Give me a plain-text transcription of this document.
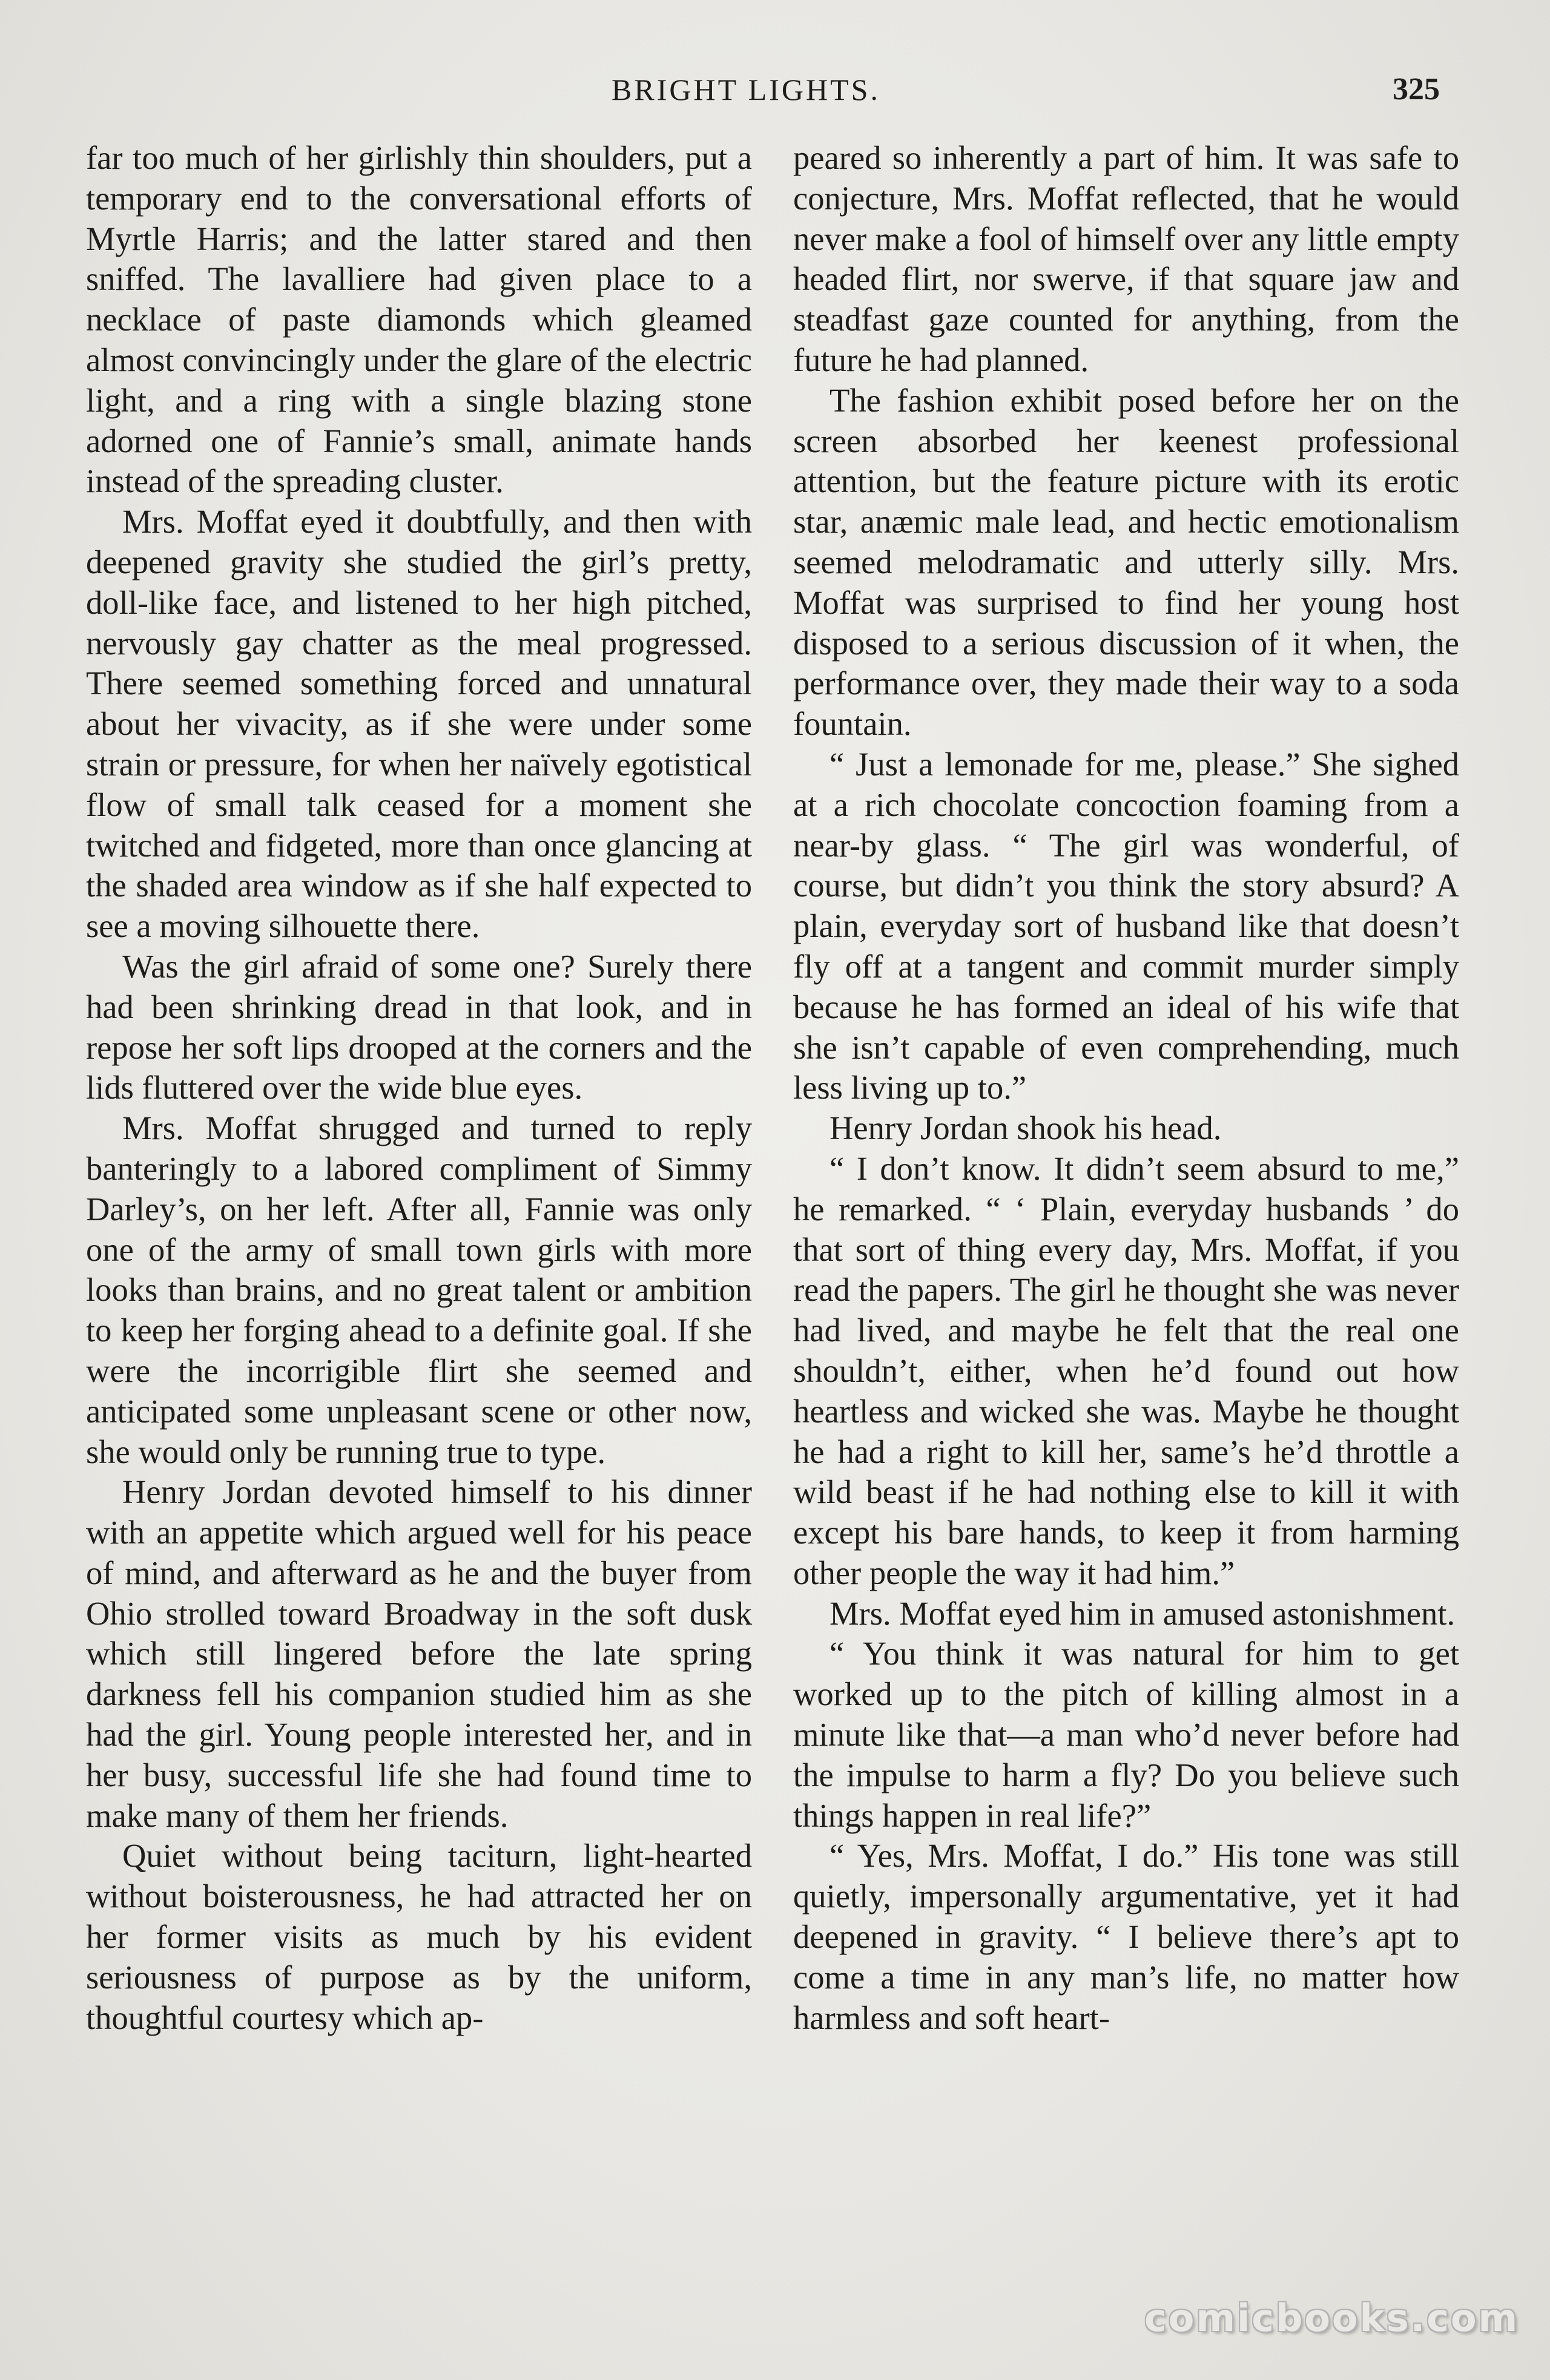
BRIGHT LIGHTS.	325

far too much of her girlishly thin shoulders, put a temporary end to the conversational efforts of Myrtle Harris; and the latter stared and then sniffed. The lavalliere had given place to a necklace of paste diamonds which gleamed almost convincingly under the glare of the electric light, and a ring with a single blazing stone adorned one of Fannie’s small, animate hands instead of the spreading cluster.

Mrs. Moffat eyed it doubtfully, and then with deepened gravity she studied the girl’s pretty, doll-like face, and listened to her high pitched, nervously gay chatter as the meal progressed. There seemed something forced and unnatural about her vivacity, as if she were under some strain or pressure, for when her naïvely egotistical flow of small talk ceased for a moment she twitched and fidgeted, more than once glancing at the shaded area window as if she half expected to see a moving silhouette there.

Was the girl afraid of some one? Surely there had been shrinking dread in that look, and in repose her soft lips drooped at the corners and the lids fluttered over the wide blue eyes.

Mrs. Moffat shrugged and turned to reply banteringly to a labored compliment of Simmy Darley’s, on her left. After all, Fannie was only one of the army of small town girls with more looks than brains, and no great talent or ambition to keep her forging ahead to a definite goal. If she were the incorrigible flirt she seemed and anticipated some unpleasant scene or other now, she would only be running true to type.

Henry Jordan devoted himself to his dinner with an appetite which argued well for his peace of mind, and afterward as he and the buyer from Ohio strolled toward Broadway in the soft dusk which still lingered before the late spring darkness fell his companion studied him as she had the girl. Young people interested her, and in her busy, successful life she had found time to make many of them her friends.

Quiet without being taciturn, light-hearted without boisterousness, he had attracted her on her former visits as much by his evident seriousness of purpose as by the uniform, thoughtful courtesy which ap-

peared so inherently a part of him. It was safe to conjecture, Mrs. Moffat reflected, that he would never make a fool of himself over any little empty headed flirt, nor swerve, if that square jaw and steadfast gaze counted for anything, from the future he had planned.

The fashion exhibit posed before her on the screen absorbed her keenest professional attention, but the feature picture with its erotic star, anæmic male lead, and hectic emotionalism seemed melodramatic and utterly silly. Mrs. Moffat was surprised to find her young host disposed to a serious discussion of it when, the performance over, they made their way to a soda fountain.

“ Just a lemonade for me, please.” She sighed at a rich chocolate concoction foaming from a near-by glass. “ The girl was wonderful, of course, but didn’t you think the story absurd? A plain, everyday sort of husband like that doesn’t fly off at a tangent and commit murder simply because he has formed an ideal of his wife that she isn’t capable of even comprehending, much less living up to.”

Henry Jordan shook his head.

“ I don’t know. It didn’t seem absurd to me,” he remarked. “ ‘ Plain, everyday husbands ’ do that sort of thing every day, Mrs. Moffat, if you read the papers. The girl he thought she was never had lived, and maybe he felt that the real one shouldn’t, either, when he’d found out how heartless and wicked she was. Maybe he thought he had a right to kill her, same’s he’d throttle a wild beast if he had nothing else to kill it with except his bare hands, to keep it from harming other people the way it had him.”

Mrs. Moffat eyed him in amused astonishment.

“ You think it was natural for him to get worked up to the pitch of killing almost in a minute like that—a man who’d never before had the impulse to harm a fly? Do you believe such things happen in real life?”

“ Yes, Mrs. Moffat, I do.” His tone was still quietly, impersonally argumentative, yet it had deepened in gravity. “ I believe there’s apt to come a time in any man’s life, no matter how harmless and soft heart-

comicbooks.com
